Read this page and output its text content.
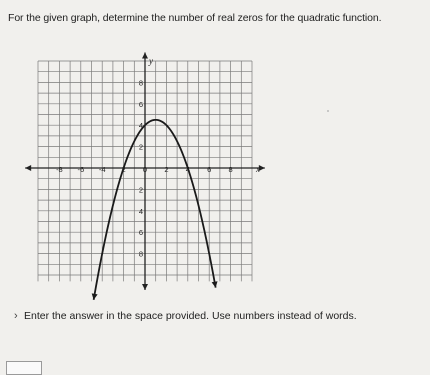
For the given graph, determine the number of real zeros for the quadratic function.
x
y
-8 -6 -4 2 0 2 4 6 8
8
6
4
2
2
4
6
8
› Enter the answer in the space provided. Use numbers instead of words.
